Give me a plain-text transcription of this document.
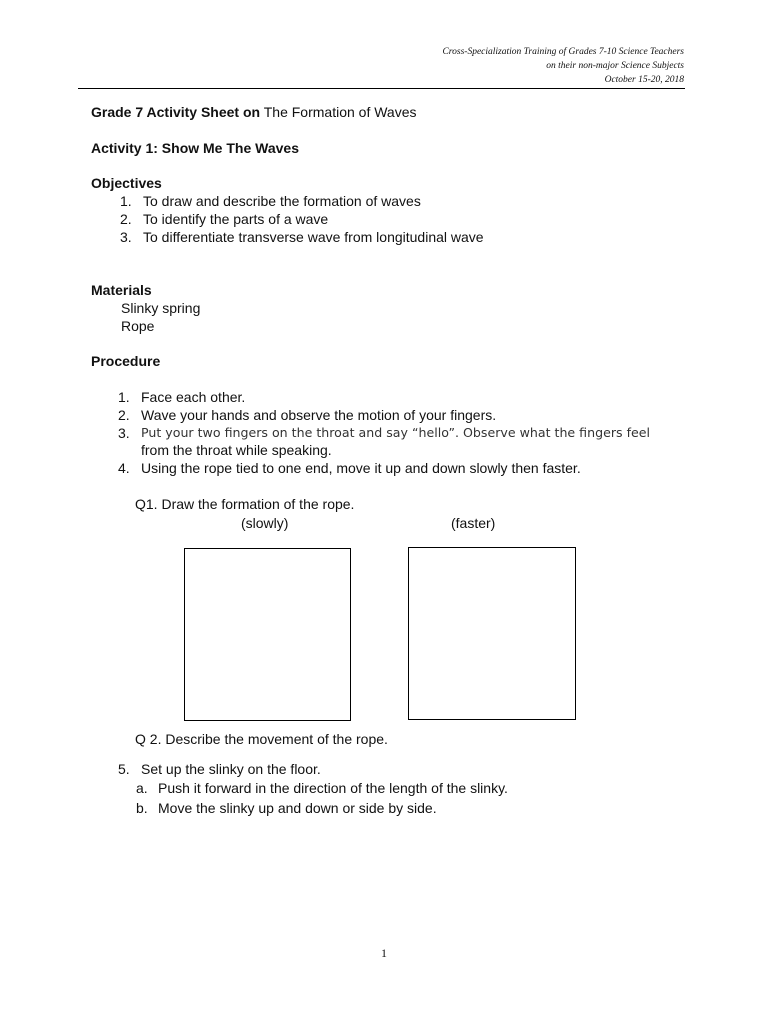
Cross-Specialization Training of Grades 7-10 Science Teachers
on their non-major Science Subjects
October 15-20, 2018
Grade 7 Activity Sheet on The Formation of Waves
Activity 1: Show Me The Waves
Objectives
1. To draw and describe the formation of waves
2. To identify the parts of a wave
3. To differentiate transverse wave from longitudinal wave
Materials
Slinky spring
Rope
Procedure
1. Face each other.
2. Wave your hands and observe the motion of your fingers.
3. Put your two fingers on the throat and say “hello”. Observe what the fingers feel
from the throat while speaking.
4. Using the rope tied to one end, move it up and down slowly then faster.
Q1. Draw the formation of the rope.
(slowly)	(faster)
Q 2. Describe the movement of the rope.
5. Set up the slinky on the floor.
a. Push it forward in the direction of the length of the slinky.
b. Move the slinky up and down or side by side.
1
